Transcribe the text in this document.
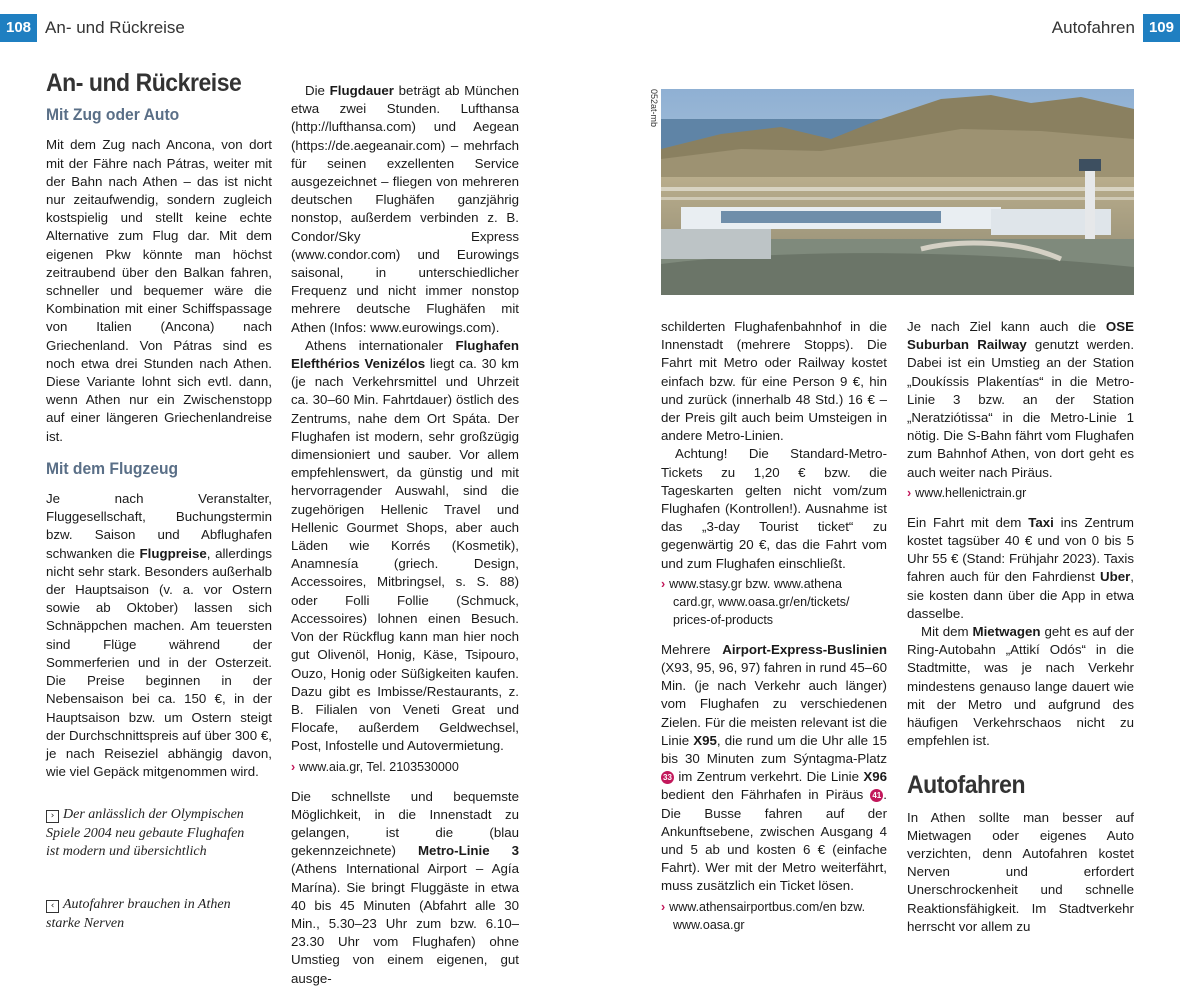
108 An- und Rückreise	Autofahren 109
An- und Rückreise
Mit Zug oder Auto

Mit dem Zug nach Ancona, von dort mit der Fähre nach Pátras, weiter mit der Bahn nach Athen – das ist nicht nur zeitaufwendig, sondern zugleich kostspielig und stellt keine echte Alternative zum Flug dar. Mit dem eigenen Pkw könnte man höchst zeitraubend über den Balkan fahren, schneller und bequemer wäre die Kombination mit einer Schiffspassage von Italien (Ancona) nach Griechenland. Von Pátras sind es noch etwa drei Stunden nach Athen. Diese Variante lohnt sich evtl. dann, wenn Athen nur ein Zwischenstopp auf einer längeren Griechenlandreise ist.

Mit dem Flugzeug

Je nach Veranstalter, Fluggesellschaft, Buchungstermin bzw. Saison und Abflughafen schwanken die Flugpreise, allerdings nicht sehr stark. Besonders außerhalb der Hauptsaison (v. a. vor Ostern sowie ab Oktober) lassen sich Schnäppchen machen. Am teuersten sind Flüge während der Sommerferien und in der Osterzeit. Die Preise beginnen in der Nebensaison bei ca. 150 €, in der Hauptsaison bzw. um Ostern steigt der Durchschnittspreis auf über 300 €, je nach Reiseziel abhängig davon, wie viel Gepäck mitgenommen wird.

› Der anlässlich der Olympischen Spiele 2004 neu gebaute Flughafen ist modern und übersichtlich
‹ Autofahrer brauchen in Athen starke Nerven

Die Flugdauer beträgt ab München etwa zwei Stunden. Lufthansa (http://lufthansa.com) und Aegean (https://de.aegeanair.com) – mehrfach für seinen exzellenten Service ausgezeichnet – fliegen von mehreren deutschen Flughäfen ganzjährig nonstop, außerdem verbinden z. B. Condor/Sky Express (www.condor.com) und Eurowings saisonal, in unterschiedlicher Frequenz und nicht immer nonstop mehrere deutsche Flughäfen mit Athen (Infos: www.eurowings.com).

Athens internationaler Flughafen Elefthérios Venizélos liegt ca. 30 km (je nach Verkehrsmittel und Uhrzeit ca. 30–60 Min. Fahrtdauer) östlich des Zentrums, nahe dem Ort Spáta. Der Flughafen ist modern, sehr großzügig dimensioniert und sauber. Vor allem empfehlenswert, da günstig und mit hervorragender Auswahl, sind die zugehörigen Hellenic Travel und Hellenic Gourmet Shops, aber auch Läden wie Korrés (Kosmetik), Anamnesía (griech. Design, Accessoires, Mitbringsel, s. S. 88) oder Folli Follie (Schmuck, Accessoires) lohnen einen Besuch. Von der Rückflug kann man hier noch gut Olivenöl, Honig, Käse, Tsipouro, Ouzo, Honig oder Süßigkeiten kaufen. Dazu gibt es Imbisse/Restaurants, z. B. Filialen von Veneti Great und Flocafe, außerdem Geldwechsel, Post, Infostelle und Autovermietung.

› www.aia.gr, Tel. 2103530000

Die schnellste und bequemste Möglichkeit, in die Innenstadt zu gelangen, ist die (blau gekennzeichnete) Metro-Linie 3 (Athens International Airport – Agía Marína). Sie bringt Fluggäste in etwa 40 bis 45 Minuten (Abfahrt alle 30 Min., 5.30–23 Uhr zum bzw. 6.10–23.30 Uhr vom Flughafen) ohne Umstieg von einem eigenen, gut ausge-

052at-mb

schilderten Flughafenbahnhof in die Innenstadt (mehrere Stopps). Die Fahrt mit Metro oder Railway kostet einfach bzw. für eine Person 9 €, hin und zurück (innerhalb 48 Std.) 16 € – der Preis gilt auch beim Umsteigen in andere Metro-Linien.

Achtung! Die Standard-Metro-Tickets zu 1,20 € bzw. die Tageskarten gelten nicht vom/zum Flughafen (Kontrollen!). Ausnahme ist das „3-day Tourist ticket“ zu gegenwärtig 20 €, das die Fahrt vom und zum Flughafen einschließt.

› www.stasy.gr bzw. www.athena
card.gr, www.oasa.gr/en/tickets/
prices-of-products

Mehrere Airport-Express-Buslinien (X93, 95, 96, 97) fahren in rund 45–60 Min. (je nach Verkehr auch länger) vom Flughafen zu verschiedenen Zielen. Für die meisten relevant ist die Linie X95, die rund um die Uhr alle 15 bis 30 Minuten zum Sýntagma-Platz 33 im Zentrum verkehrt. Die Linie X96 bedient den Fährhafen in Piräus 41 . Die Busse fahren auf der Ankunftsebene, zwischen Ausgang 4 und 5 ab und kosten 6 € (einfache Fahrt). Wer mit der Metro weiterfährt, muss zusätzlich ein Ticket lösen.

› www.athensairportbus.com/en bzw.
www.oasa.gr

Je nach Ziel kann auch die OSE Suburban Railway genutzt werden. Dabei ist ein Umstieg an der Station „Doukíssis Plakentías“ in die Metro-Linie 3 bzw. an der Station „Neratziótissa“ in die Metro-Linie 1 nötig. Die S-Bahn fährt vom Flughafen zum Bahnhof Athen, von dort geht es auch weiter nach Piräus.

› www.hellenictrain.gr

Ein Fahrt mit dem Taxi ins Zentrum kostet tagsüber 40 € und von 0 bis 5 Uhr 55 € (Stand: Frühjahr 2023). Taxis fahren auch für den Fahrdienst Uber, sie kosten dann über die App in etwa dasselbe.

Mit dem Mietwagen geht es auf der Ring-Autobahn „Attikí Odós“ in die Stadtmitte, was je nach Verkehr mindestens genauso lange dauert wie mit der Metro und aufgrund des häufigen Verkehrschaos nicht zu empfehlen ist.

Autofahren

In Athen sollte man besser auf Mietwagen oder eigenes Auto verzichten, denn Autofahren kostet Nerven und erfordert Unerschrockenheit und schnelle Reaktionsfähigkeit. Im Stadtverkehr herrscht vor allem zu
